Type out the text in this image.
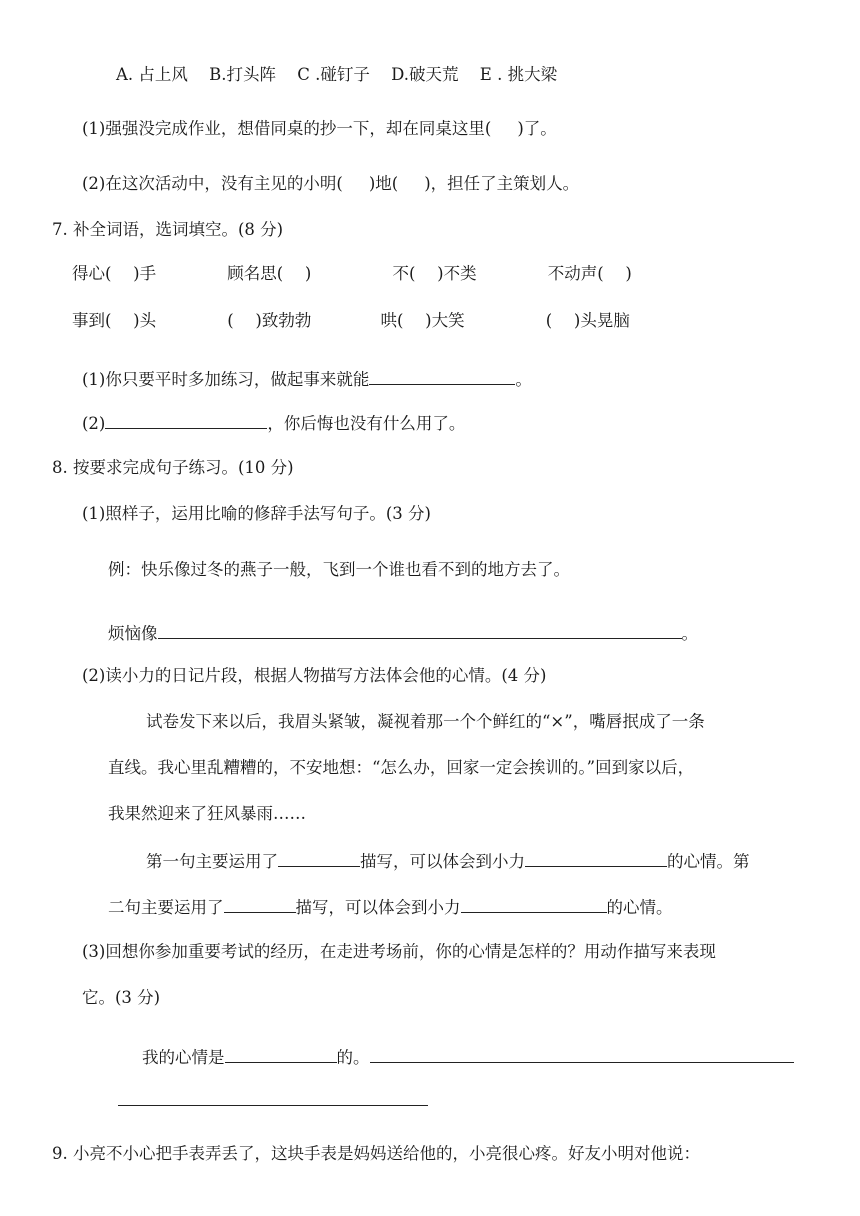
A. 占上风 B.打头阵 C .碰钉子 D.破天荒 E . 挑大梁
(1)强强没完成作业，想借同桌的抄一下，却在同桌这里( )了。
(2)在这次活动中，没有主见的小明( )地( )，担任了主策划人。
7. 补全词语，选词填空。(8 分)
得心(　 )手	顾名思(　 )	不(　 )不类	不动声(　 )
事到(　 )头	(　 )致勃勃	哄(　 )大笑	(　 )头晃脑
(1)你只要平时多加练习，做起事来就能	。
(2)	，你后悔也没有什么用了。
8. 按要求完成句子练习。(10 分)
(1)照样子，运用比喻的修辞手法写句子。(3 分)
例：快乐像过冬的燕子一般，飞到一个谁也看不到的地方去了。
烦恼像	。
(2)读小力的日记片段，根据人物描写方法体会他的心情。(4 分)
试卷发下来以后，我眉头紧皱，凝视着那一个个鲜红的“×”，嘴唇抿成了一条
直线。我心里乱糟糟的，不安地想：“怎么办，回家一定会挨训的。”回到家以后，
我果然迎来了狂风暴雨……
第一句主要运用了	描写，可以体会到小力	的心情。第
二句主要运用了	描写，可以体会到小力	的心情。
(3)回想你参加重要考试的经历，在走进考场前，你的心情是怎样的？用动作描写来表现
它。(3 分)
我的心情是	的。
9. 小亮不小心把手表弄丢了，这块手表是妈妈送给他的，小亮很心疼。好友小明对他说：
